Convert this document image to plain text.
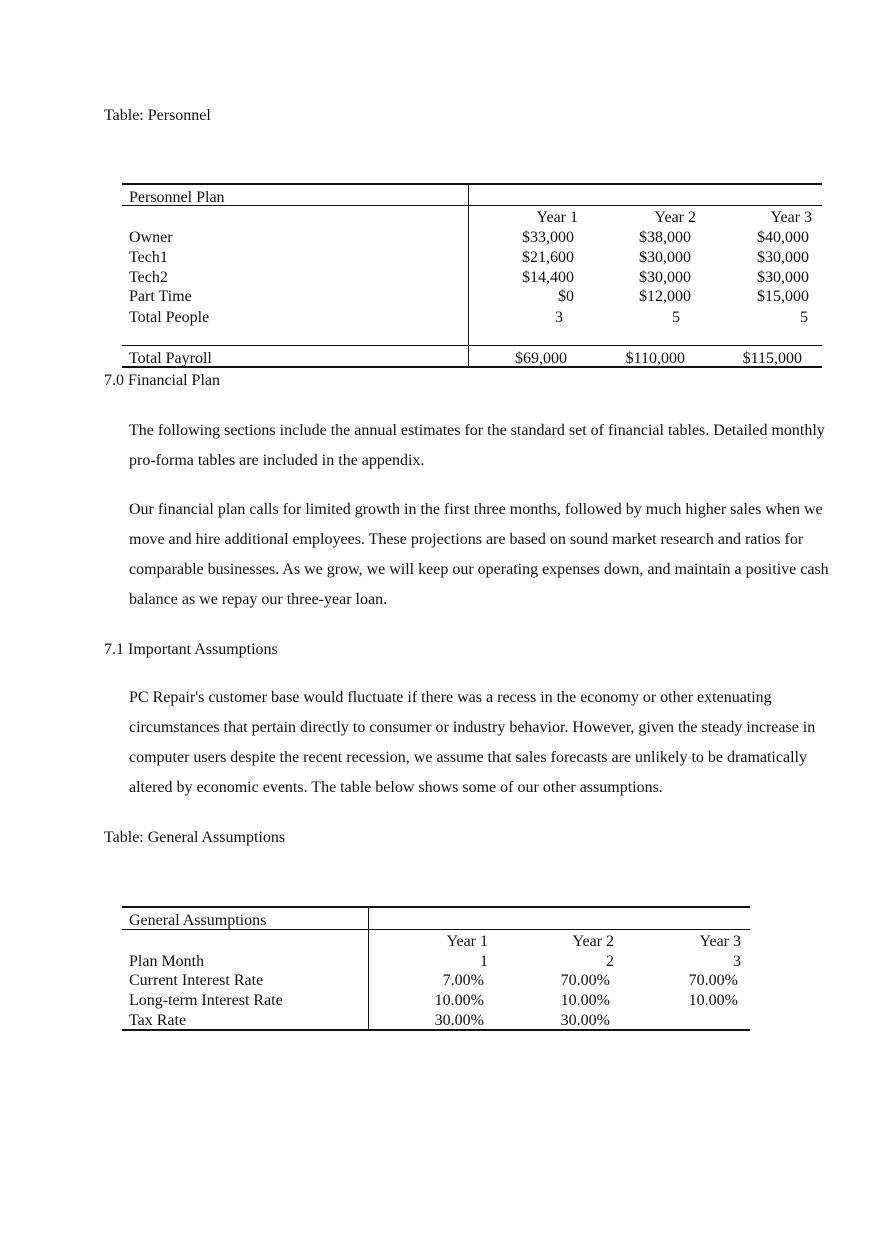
Table: Personnel
Personnel Plan
Year 1	Year 2	Year 3
Owner	$33,000	$38,000	$40,000
Tech1	$21,600	$30,000	$30,000
Tech2	$14,400	$30,000	$30,000
Part Time	$0	$12,000	$15,000
Total People	3	5	5
Total Payroll	$69,000	$110,000	$115,000
7.0 Financial Plan
The following sections include the annual estimates for the standard set of financial tables. Detailed monthly pro-forma tables are included in the appendix.
Our financial plan calls for limited growth in the first three months, followed by much higher sales when we move and hire additional employees. These projections are based on sound market research and ratios for comparable businesses. As we grow, we will keep our operating expenses down, and maintain a positive cash balance as we repay our three-year loan.
7.1 Important Assumptions
PC Repair's customer base would fluctuate if there was a recess in the economy or other extenuating circumstances that pertain directly to consumer or industry behavior. However, given the steady increase in computer users despite the recent recession, we assume that sales forecasts are unlikely to be dramatically altered by economic events. The table below shows some of our other assumptions.
Table: General Assumptions
General Assumptions
Year 1	Year 2	Year 3
Plan Month	1	2	3
Current Interest Rate	7.00%	70.00%	70.00%
Long-term Interest Rate	10.00%	10.00%	10.00%
Tax Rate	30.00%	30.00%
